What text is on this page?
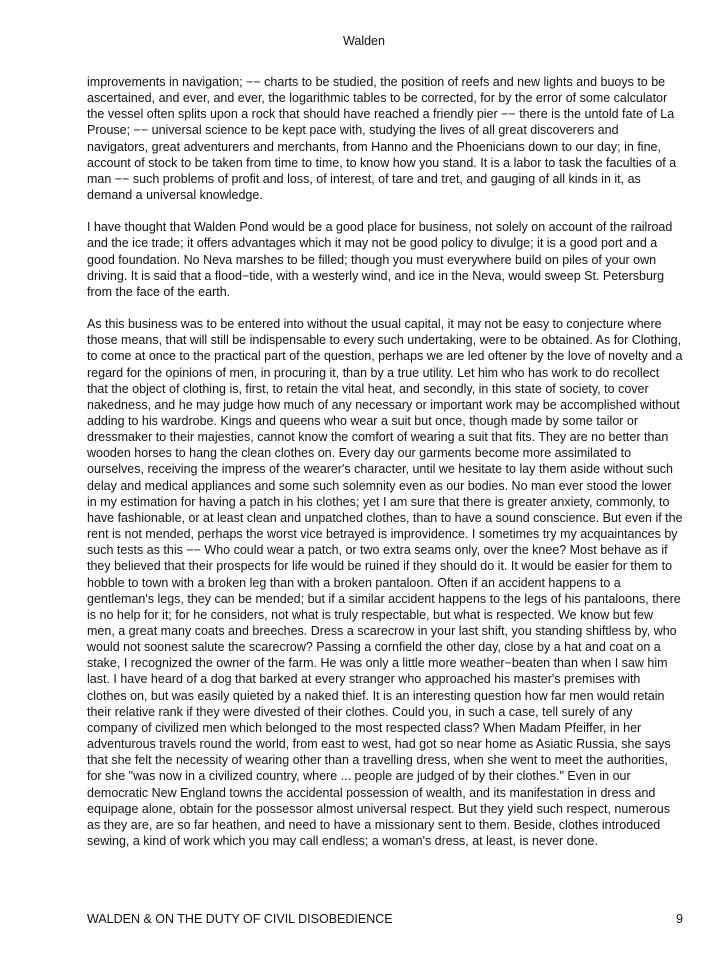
Walden

improvements in navigation; −− charts to be studied, the position of reefs and new lights and buoys to be ascertained, and ever, and ever, the logarithmic tables to be corrected, for by the error of some calculator the vessel often splits upon a rock that should have reached a friendly pier −− there is the untold fate of La Prouse; −− universal science to be kept pace with, studying the lives of all great discoverers and navigators, great adventurers and merchants, from Hanno and the Phoenicians down to our day; in fine, account of stock to be taken from time to time, to know how you stand. It is a labor to task the faculties of a man −− such problems of profit and loss, of interest, of tare and tret, and gauging of all kinds in it, as demand a universal knowledge.

I have thought that Walden Pond would be a good place for business, not solely on account of the railroad and the ice trade; it offers advantages which it may not be good policy to divulge; it is a good port and a good foundation. No Neva marshes to be filled; though you must everywhere build on piles of your own driving. It is said that a flood−tide, with a westerly wind, and ice in the Neva, would sweep St. Petersburg from the face of the earth.

As this business was to be entered into without the usual capital, it may not be easy to conjecture where those means, that will still be indispensable to every such undertaking, were to be obtained. As for Clothing, to come at once to the practical part of the question, perhaps we are led oftener by the love of novelty and a regard for the opinions of men, in procuring it, than by a true utility. Let him who has work to do recollect that the object of clothing is, first, to retain the vital heat, and secondly, in this state of society, to cover nakedness, and he may judge how much of any necessary or important work may be accomplished without adding to his wardrobe. Kings and queens who wear a suit but once, though made by some tailor or dressmaker to their majesties, cannot know the comfort of wearing a suit that fits. They are no better than wooden horses to hang the clean clothes on. Every day our garments become more assimilated to ourselves, receiving the impress of the wearer's character, until we hesitate to lay them aside without such delay and medical appliances and some such solemnity even as our bodies. No man ever stood the lower in my estimation for having a patch in his clothes; yet I am sure that there is greater anxiety, commonly, to have fashionable, or at least clean and unpatched clothes, than to have a sound conscience. But even if the rent is not mended, perhaps the worst vice betrayed is improvidence. I sometimes try my acquaintances by such tests as this −− Who could wear a patch, or two extra seams only, over the knee? Most behave as if they believed that their prospects for life would be ruined if they should do it. It would be easier for them to hobble to town with a broken leg than with a broken pantaloon. Often if an accident happens to a gentleman's legs, they can be mended; but if a similar accident happens to the legs of his pantaloons, there is no help for it; for he considers, not what is truly respectable, but what is respected. We know but few men, a great many coats and breeches. Dress a scarecrow in your last shift, you standing shiftless by, who would not soonest salute the scarecrow? Passing a cornfield the other day, close by a hat and coat on a stake, I recognized the owner of the farm. He was only a little more weather−beaten than when I saw him last. I have heard of a dog that barked at every stranger who approached his master's premises with clothes on, but was easily quieted by a naked thief. It is an interesting question how far men would retain their relative rank if they were divested of their clothes. Could you, in such a case, tell surely of any company of civilized men which belonged to the most respected class? When Madam Pfeiffer, in her adventurous travels round the world, from east to west, had got so near home as Asiatic Russia, she says that she felt the necessity of wearing other than a travelling dress, when she went to meet the authorities, for she "was now in a civilized country, where ... people are judged of by their clothes." Even in our democratic New England towns the accidental possession of wealth, and its manifestation in dress and equipage alone, obtain for the possessor almost universal respect. But they yield such respect, numerous as they are, are so far heathen, and need to have a missionary sent to them. Beside, clothes introduced sewing, a kind of work which you may call endless; a woman's dress, at least, is never done.

WALDEN & ON THE DUTY OF CIVIL DISOBEDIENCE	9
